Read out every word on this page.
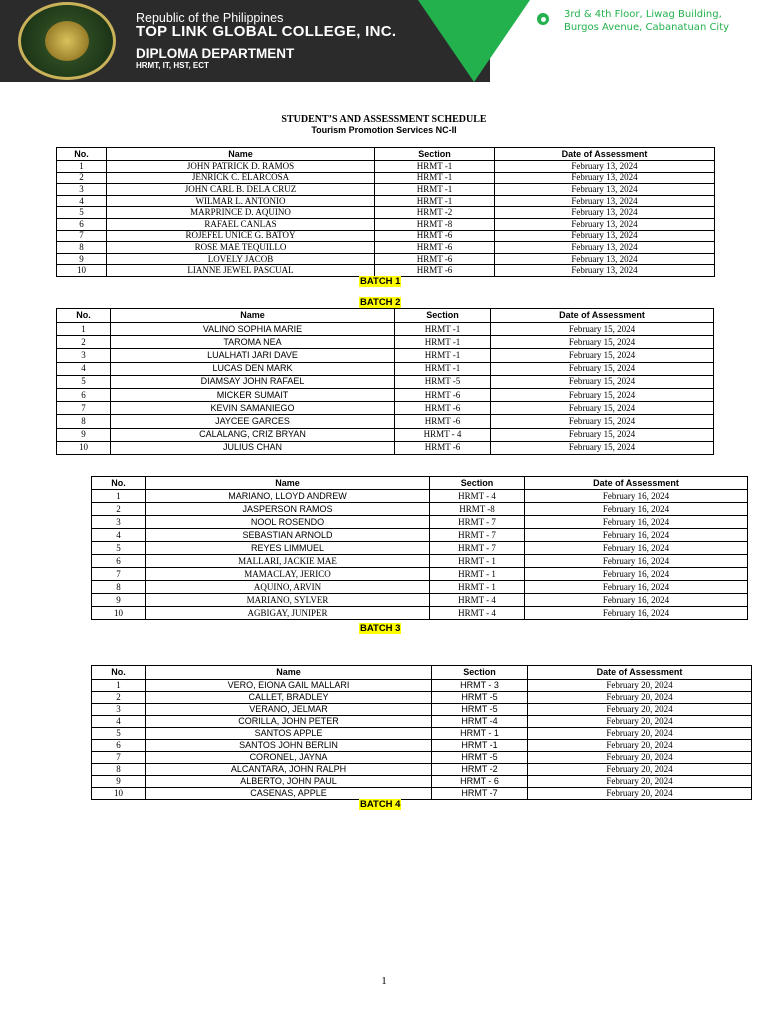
Republic of the Philippines
TOP LINK GLOBAL COLLEGE, INC.
DIPLOMA DEPARTMENT
HRMT, IT, HST, ECT
3rd & 4th Floor, Liwag Building,
Burgos Avenue, Cabanatuan City
STUDENT’S AND ASSESSMENT SCHEDULE
Tourism Promotion Services NC-II
No.	Name	Section	Date of Assessment
1	JOHN PATRICK D. RAMOS	HRMT -1	February 13, 2024
2	JENRICK C. ELARCOSA	HRMT -1	February 13, 2024
3	JOHN CARL B. DELA CRUZ	HRMT -1	February 13, 2024
4	WILMAR L. ANTONIO	HRMT -1	February 13, 2024
5	MARPRINCE D. AQUINO	HRMT -2	February 13, 2024
6	RAFAEL CANLAS	HRMT -8	February 13, 2024
7	ROJEFEL UNICE G. BATOY	HRMT -6	February 13, 2024
8	ROSE MAE TEQUILLO	HRMT -6	February 13, 2024
9	LOVELY JACOB	HRMT -6	February 13, 2024
10	LIANNE JEWEL PASCUAL	HRMT -6	February 13, 2024
BATCH 1
BATCH 2
No.	Name	Section	Date of Assessment
1	VALINO SOPHIA MARIE	HRMT -1	February 15, 2024
2	TAROMA NEA	HRMT -1	February 15, 2024
3	LUALHATI JARI DAVE	HRMT -1	February 15, 2024
4	LUCAS DEN MARK	HRMT -1	February 15, 2024
5	DIAMSAY JOHN RAFAEL	HRMT -5	February 15, 2024
6	MICKER SUMAIT	HRMT -6	February 15, 2024
7	KEVIN SAMANIEGO	HRMT -6	February 15, 2024
8	JAYCEE GARCES	HRMT -6	February 15, 2024
9	CALALANG, CRIZ BRYAN	HRMT - 4	February 15, 2024
10	JULIUS CHAN	HRMT -6	February 15, 2024
No.	Name	Section	Date of Assessment
1	MARIANO, LLOYD ANDREW	HRMT - 4	February 16, 2024
2	JASPERSON RAMOS	HRMT -8	February 16, 2024
3	NOOL ROSENDO	HRMT - 7	February 16, 2024
4	SEBASTIAN ARNOLD	HRMT - 7	February 16, 2024
5	REYES LIMMUEL	HRMT - 7	February 16, 2024
6	MALLARI, JACKIE MAE	HRMT - 1	February 16, 2024
7	MAMACLAY, JERICO	HRMT - 1	February 16, 2024
8	AQUINO, ARVIN	HRMT - 1	February 16, 2024
9	MARIANO, SYLVER	HRMT - 4	February 16, 2024
10	AGBIGAY, JUNIPER	HRMT - 4	February 16, 2024
BATCH 3
No.	Name	Section	Date of Assessment
1	VERO, EIONA GAIL MALLARI	HRMT - 3	February 20, 2024
2	CALLET, BRADLEY	HRMT -5	February 20, 2024
3	VERANO, JELMAR	HRMT -5	February 20, 2024
4	CORILLA, JOHN PETER	HRMT -4	February 20, 2024
5	SANTOS APPLE	HRMT - 1	February 20, 2024
6	SANTOS JOHN BERLIN	HRMT -1	February 20, 2024
7	CORONEL, JAYNA	HRMT -5	February 20, 2024
8	ALCANTARA, JOHN RALPH	HRMT -2	February 20, 2024
9	ALBERTO, JOHN PAUL	HRMT - 6	February 20, 2024
10	CASENAS, APPLE	HRMT -7	February 20, 2024
BATCH 4
1
